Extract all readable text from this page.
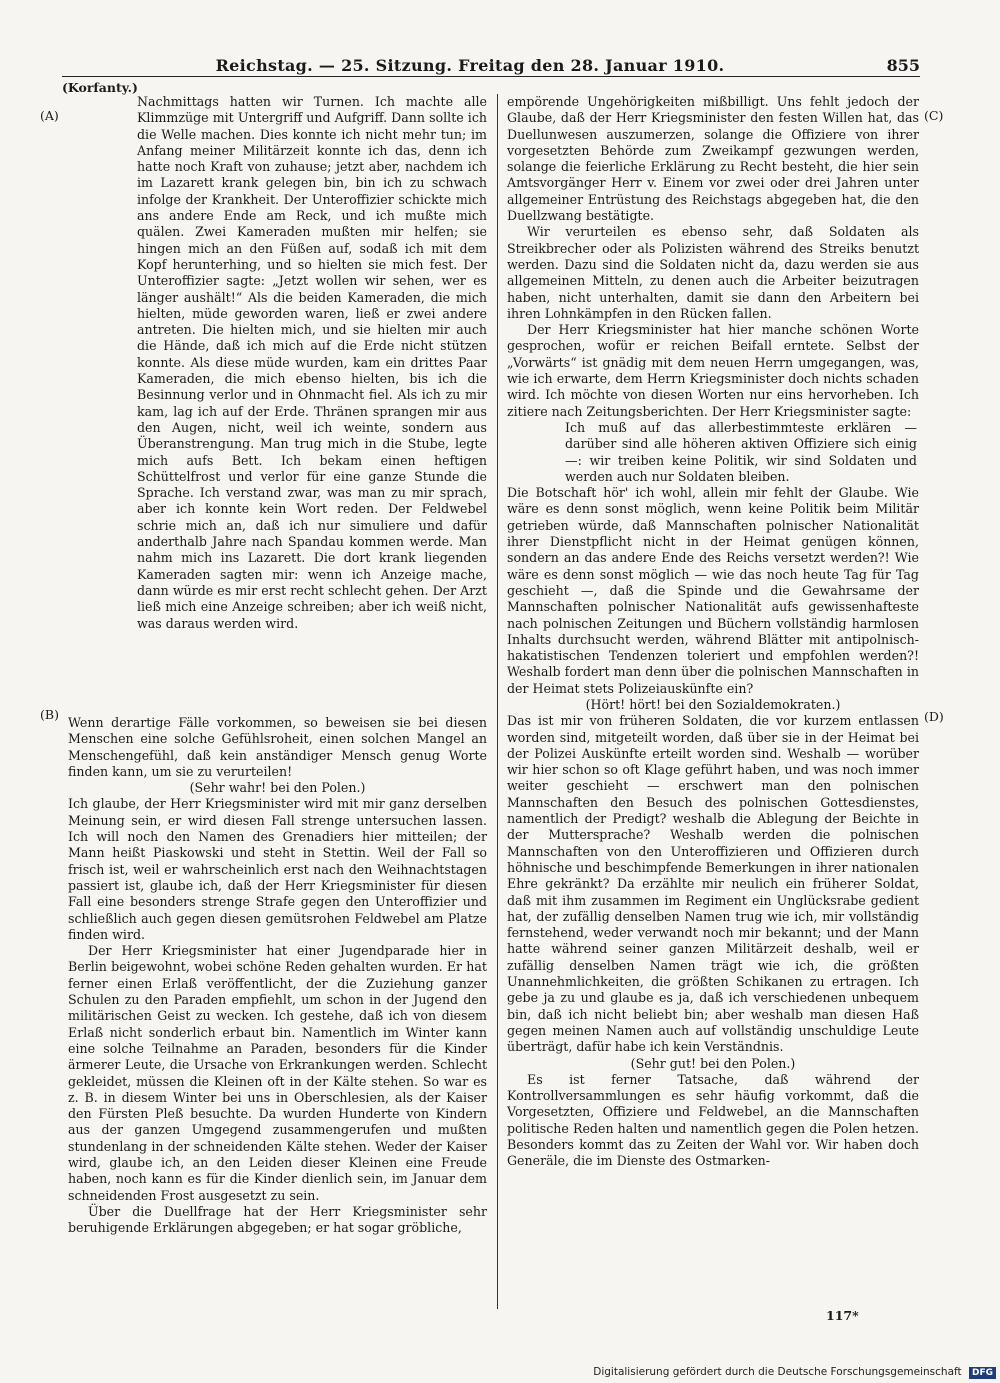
Reichstag. — 25. Sitzung. Freitag den 28. Januar 1910.	855
(Korfanty.)
(A)
(B)
(C)
(D)

Nachmittags hatten wir Turnen. Ich machte alle Klimmzüge mit Untergriff und Aufgriff. Dann sollte ich die Welle machen. Dies konnte ich nicht mehr tun; im Anfang meiner Militärzeit konnte ich das, denn ich hatte noch Kraft von zuhause; jetzt aber, nachdem ich im Lazarett krank gelegen bin, bin ich zu schwach infolge der Krankheit. Der Unteroffizier schickte mich ans andere Ende am Reck, und ich mußte mich quälen. Zwei Kameraden mußten mir helfen; sie hingen mich an den Füßen auf, sodaß ich mit dem Kopf herunterhing, und so hielten sie mich fest. Der Unteroffizier sagte: „Jetzt wollen wir sehen, wer es länger aushält!“ Als die beiden Kameraden, die mich hielten, müde geworden waren, ließ er zwei andere antreten. Die hielten mich, und sie hielten mir auch die Hände, daß ich mich auf die Erde nicht stützen konnte. Als diese müde wurden, kam ein drittes Paar Kameraden, die mich ebenso hielten, bis ich die Besinnung verlor und in Ohnmacht fiel. Als ich zu mir kam, lag ich auf der Erde. Thränen sprangen mir aus den Augen, nicht, weil ich weinte, sondern aus Überanstrengung. Man trug mich in die Stube, legte mich aufs Bett. Ich bekam einen heftigen Schüttelfrost und verlor für eine ganze Stunde die Sprache. Ich verstand zwar, was man zu mir sprach, aber ich konnte kein Wort reden. Der Feldwebel schrie mich an, daß ich nur simuliere und dafür anderthalb Jahre nach Spandau kommen werde. Man nahm mich ins Lazarett. Die dort krank liegenden Kameraden sagten mir: wenn ich Anzeige mache, dann würde es mir erst recht schlecht gehen. Der Arzt ließ mich eine Anzeige schreiben; aber ich weiß nicht, was daraus werden wird.

Wenn derartige Fälle vorkommen, so beweisen sie bei diesen Menschen eine solche Gefühlsroheit, einen solchen Mangel an Menschengefühl, daß kein anständiger Mensch genug Worte finden kann, um sie zu verurteilen!

(Sehr wahr! bei den Polen.)

Ich glaube, der Herr Kriegsminister wird mit mir ganz derselben Meinung sein, er wird diesen Fall strenge untersuchen lassen. Ich will noch den Namen des Grenadiers hier mitteilen; der Mann heißt Piaskowski und steht in Stettin. Weil der Fall so frisch ist, weil er wahrscheinlich erst nach den Weihnachtstagen passiert ist, glaube ich, daß der Herr Kriegsminister für diesen Fall eine besonders strenge Strafe gegen den Unteroffizier und schließlich auch gegen diesen gemütsrohen Feldwebel am Platze finden wird.

Der Herr Kriegsminister hat einer Jugendparade hier in Berlin beigewohnt, wobei schöne Reden gehalten wurden. Er hat ferner einen Erlaß veröffentlicht, der die Zuziehung ganzer Schulen zu den Paraden empfiehlt, um schon in der Jugend den militärischen Geist zu wecken. Ich gestehe, daß ich von diesem Erlaß nicht sonderlich erbaut bin. Namentlich im Winter kann eine solche Teilnahme an Paraden, besonders für die Kinder ärmerer Leute, die Ursache von Erkrankungen werden. Schlecht gekleidet, müssen die Kleinen oft in der Kälte stehen. So war es z. B. in diesem Winter bei uns in Oberschlesien, als der Kaiser den Fürsten Pleß besuchte. Da wurden Hunderte von Kindern aus der ganzen Umgegend zusammengerufen und mußten stundenlang in der schneidenden Kälte stehen. Weder der Kaiser wird, glaube ich, an den Leiden dieser Kleinen eine Freude haben, noch kann es für die Kinder dienlich sein, im Januar dem schneidenden Frost ausgesetzt zu sein.

Über die Duellfrage hat der Herr Kriegsminister sehr beruhigende Erklärungen abgegeben; er hat sogar gröbliche,

empörende Ungehörigkeiten mißbilligt. Uns fehlt jedoch der Glaube, daß der Herr Kriegsminister den festen Willen hat, das Duellunwesen auszumerzen, solange die Offiziere von ihrer vorgesetzten Behörde zum Zweikampf gezwungen werden, solange die feierliche Erklärung zu Recht besteht, die hier sein Amtsvorgänger Herr v. Einem vor zwei oder drei Jahren unter allgemeiner Entrüstung des Reichstags abgegeben hat, die den Duellzwang bestätigte.

Wir verurteilen es ebenso sehr, daß Soldaten als Streikbrecher oder als Polizisten während des Streiks benutzt werden. Dazu sind die Soldaten nicht da, dazu werden sie aus allgemeinen Mitteln, zu denen auch die Arbeiter beizutragen haben, nicht unterhalten, damit sie dann den Arbeitern bei ihren Lohnkämpfen in den Rücken fallen.

Der Herr Kriegsminister hat hier manche schönen Worte gesprochen, wofür er reichen Beifall erntete. Selbst der „Vorwärts“ ist gnädig mit dem neuen Herrn umgegangen, was, wie ich erwarte, dem Herrn Kriegsminister doch nichts schaden wird. Ich möchte von diesen Worten nur eins hervorheben. Ich zitiere nach Zeitungsberichten. Der Herr Kriegsminister sagte:

Ich muß auf das allerbestimmteste erklären — darüber sind alle höheren aktiven Offiziere sich einig —: wir treiben keine Politik, wir sind Soldaten und werden auch nur Soldaten bleiben.

Die Botschaft hör' ich wohl, allein mir fehlt der Glaube. Wie wäre es denn sonst möglich, wenn keine Politik beim Militär getrieben würde, daß Mannschaften polnischer Nationalität ihrer Dienstpflicht nicht in der Heimat genügen können, sondern an das andere Ende des Reichs versetzt werden?! Wie wäre es denn sonst möglich — wie das noch heute Tag für Tag geschieht —, daß die Spinde und die Gewahrsame der Mannschaften polnischer Nationalität aufs gewissenhafteste nach polnischen Zeitungen und Büchern vollständig harmlosen Inhalts durchsucht werden, während Blätter mit antipolnisch-hakatistischen Tendenzen toleriert und empfohlen werden?! Weshalb fordert man denn über die polnischen Mannschaften in der Heimat stets Polizeiauskünfte ein?

(Hört! hört! bei den Sozialdemokraten.)

Das ist mir von früheren Soldaten, die vor kurzem entlassen worden sind, mitgeteilt worden, daß über sie in der Heimat bei der Polizei Auskünfte erteilt worden sind. Weshalb — worüber wir hier schon so oft Klage geführt haben, und was noch immer weiter geschieht — erschwert man den polnischen Mannschaften den Besuch des polnischen Gottesdienstes, namentlich der Predigt? weshalb die Ablegung der Beichte in der Muttersprache? Weshalb werden die polnischen Mannschaften von den Unteroffizieren und Offizieren durch höhnische und beschimpfende Bemerkungen in ihrer nationalen Ehre gekränkt? Da erzählte mir neulich ein früherer Soldat, daß mit ihm zusammen im Regiment ein Unglücksrabe gedient hat, der zufällig denselben Namen trug wie ich, mir vollständig fernstehend, weder verwandt noch mir bekannt; und der Mann hatte während seiner ganzen Militärzeit deshalb, weil er zufällig denselben Namen trägt wie ich, die größten Unannehmlichkeiten, die größten Schikanen zu ertragen. Ich gebe ja zu und glaube es ja, daß ich verschiedenen unbequem bin, daß ich nicht beliebt bin; aber weshalb man diesen Haß gegen meinen Namen auch auf vollständig unschuldige Leute überträgt, dafür habe ich kein Verständnis.

(Sehr gut! bei den Polen.)

Es ist ferner Tatsache, daß während der Kontrollversammlungen es sehr häufig vorkommt, daß die Vorgesetzten, Offiziere und Feldwebel, an die Mannschaften politische Reden halten und namentlich gegen die Polen hetzen. Besonders kommt das zu Zeiten der Wahl vor. Wir haben doch Generäle, die im Dienste des Ostmarken-

117*
Digitalisierung gefördert durch die Deutsche Forschungsgemeinschaft DFG
